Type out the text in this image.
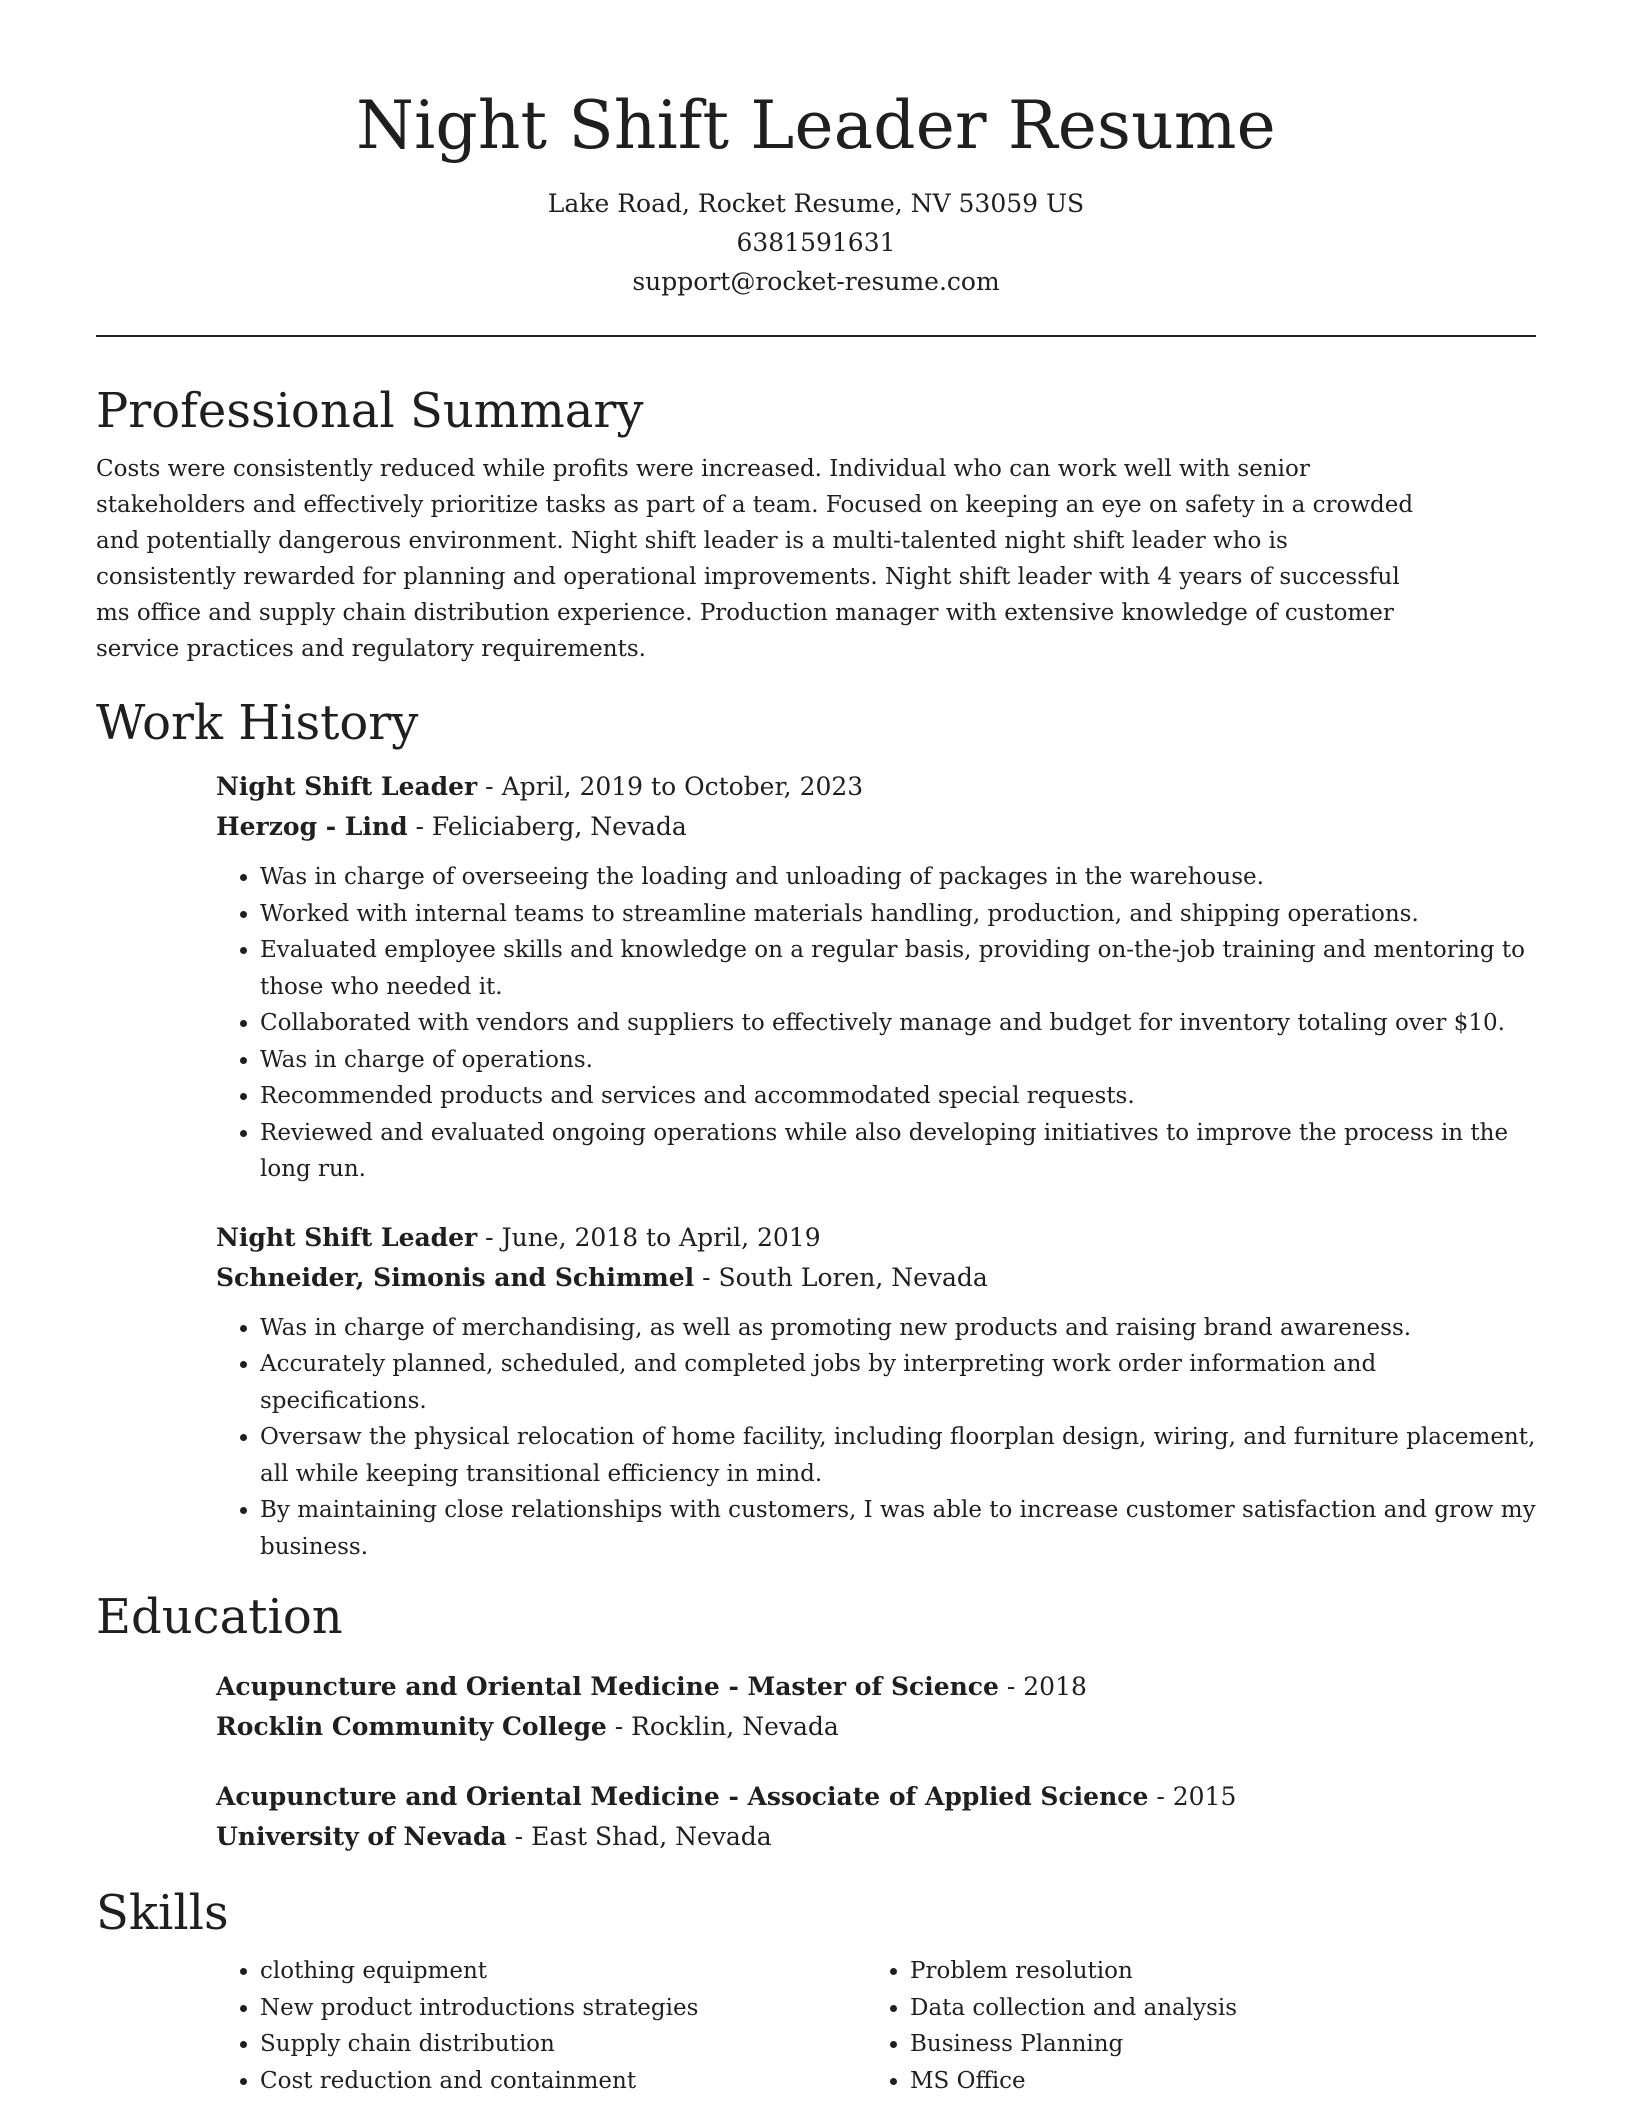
Night Shift Leader Resume

Lake Road, Rocket Resume, NV 53059 US

6381591631

support@rocket-resume.com

Professional Summary

Costs were consistently reduced while profits were increased. Individual who can work well with senior stakeholders and effectively prioritize tasks as part of a team. Focused on keeping an eye on safety in a crowded and potentially dangerous environment. Night shift leader is a multi-talented night shift leader who is consistently rewarded for planning and operational improvements. Night shift leader with 4 years of successful ms office and supply chain distribution experience. Production manager with extensive knowledge of customer service practices and regulatory requirements.

Work History

Night Shift Leader - April, 2019 to October, 2023

Herzog - Lind - Feliciaberg, Nevada

• Was in charge of overseeing the loading and unloading of packages in the warehouse.
• Worked with internal teams to streamline materials handling, production, and shipping operations.
• Evaluated employee skills and knowledge on a regular basis, providing on-the-job training and mentoring to those who needed it.
• Collaborated with vendors and suppliers to effectively manage and budget for inventory totaling over $10.
• Was in charge of operations.
• Recommended products and services and accommodated special requests.
• Reviewed and evaluated ongoing operations while also developing initiatives to improve the process in the long run.

Night Shift Leader - June, 2018 to April, 2019

Schneider, Simonis and Schimmel - South Loren, Nevada

• Was in charge of merchandising, as well as promoting new products and raising brand awareness.
• Accurately planned, scheduled, and completed jobs by interpreting work order information and specifications.
• Oversaw the physical relocation of home facility, including floorplan design, wiring, and furniture placement, all while keeping transitional efficiency in mind.
• By maintaining close relationships with customers, I was able to increase customer satisfaction and grow my business.
Education

Acupuncture and Oriental Medicine - Master of Science - 2018

Rocklin Community College - Rocklin, Nevada

Acupuncture and Oriental Medicine - Associate of Applied Science - 2015

University of Nevada - East Shad, Nevada

Skills
• clothing equipment
• New product introductions strategies
• Supply chain distribution
• Cost reduction and containment
• Problem resolution
• Data collection and analysis
• Business Planning
• MS Office
